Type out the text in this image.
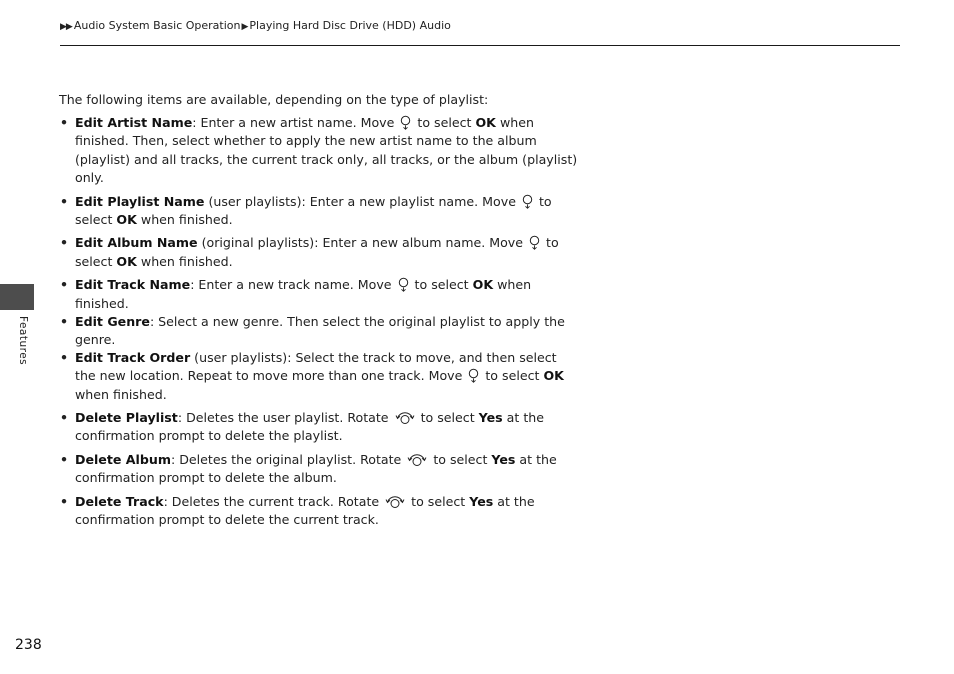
▶▶ Audio System Basic Operation▶Playing Hard Disc Drive (HDD) Audio

The following items are available, depending on the type of playlist:

• Edit Artist Name: Enter a new artist name. Move  to select OK when finished. Then, select whether to apply the new artist name to the album (playlist) and all tracks, the current track only, all tracks, or the album (playlist) only.
• Edit Playlist Name (user playlists): Enter a new playlist name. Move  to select OK when finished.
• Edit Album Name (original playlists): Enter a new album name. Move  to select OK when finished.
• Edit Track Name: Enter a new track name. Move  to select OK when finished.
• Edit Genre: Select a new genre. Then select the original playlist to apply the genre.
• Edit Track Order (user playlists): Select the track to move, and then select the new location. Repeat to move more than one track. Move  to select OK when finished.
• Delete Playlist: Deletes the user playlist. Rotate  to select Yes at the confirmation prompt to delete the playlist.
• Delete Album: Deletes the original playlist. Rotate  to select Yes at the confirmation prompt to delete the album.
• Delete Track: Deletes the current track. Rotate  to select Yes at the confirmation prompt to delete the current track.
Features
238
